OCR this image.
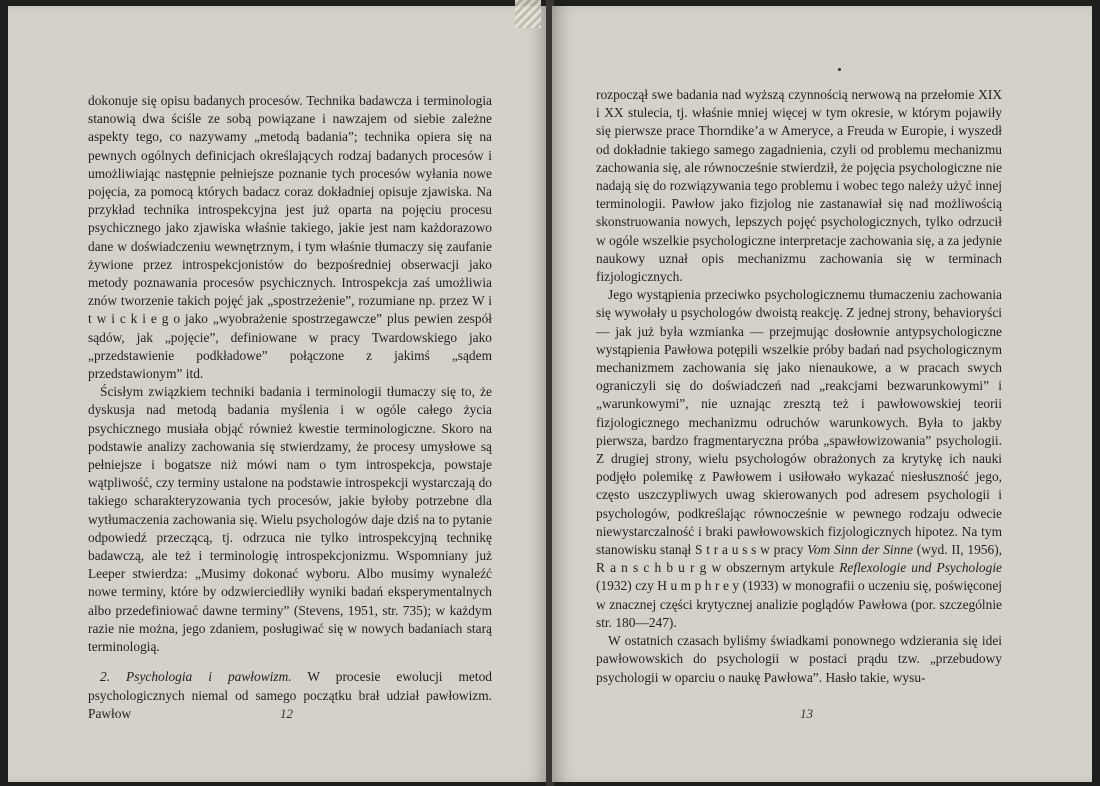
dokonuje się opisu badanych procesów. Technika badawcza i terminologia stanowią dwa ściśle ze sobą powiązane i nawzajem od siebie zależne aspekty tego, co nazywamy „metodą badania”; technika opiera się na pewnych ogólnych definicjach określających rodzaj badanych procesów i umożliwiając następnie pełniejsze poznanie tych procesów wyłania nowe pojęcia, za pomocą których badacz coraz dokładniej opisuje zjawiska. Na przykład technika introspekcyjna jest już oparta na pojęciu procesu psychicznego jako zjawiska właśnie takiego, jakie jest nam każdorazowo dane w doświadczeniu wewnętrznym, i tym właśnie tłumaczy się zaufanie żywione przez introspekcjonistów do bezpośredniej obserwacji jako metody poznawania procesów psychicznych. Introspekcja zaś umożliwia znów tworzenie takich pojęć jak „spostrzeżenie”, rozumiane np. przez W i t w i c k i e g o jako „wyobrażenie spostrzegawcze” plus pewien zespół sądów, jak „pojęcie”, definiowane w pracy Twardowskiego jako „przedstawienie podkładowe” połączone z jakimś „sądem przedstawionym” itd.

Ścisłym związkiem techniki badania i terminologii tłumaczy się to, że dyskusja nad metodą badania myślenia i w ogóle całego życia psychicznego musiała objąć również kwestie terminologiczne. Skoro na podstawie analizy zachowania się stwierdzamy, że procesy umysłowe są pełniejsze i bogatsze niż mówi nam o tym introspekcja, powstaje wątpliwość, czy terminy ustalone na podstawie introspekcji wystarczają do takiego scharakteryzowania tych procesów, jakie byłoby potrzebne dla wytłumaczenia zachowania się. Wielu psychologów daje dziś na to pytanie odpowiedź przeczącą, tj. odrzuca nie tylko introspekcyjną technikę badawczą, ale też i terminologię introspekcjonizmu. Wspomniany już Leeper stwierdza: „Musimy dokonać wyboru. Albo musimy wynaleźć nowe terminy, które by odzwierciedliły wyniki badań eksperymentalnych albo przedefiniować dawne terminy” (Stevens, 1951, str. 735); w każdym razie nie można, jego zdaniem, posługiwać się w nowych badaniach starą terminologią.

2. Psychologia i pawłowizm. W procesie ewolucji metod psychologicznych niemal od samego początku brał udział pawłowizm. Pawłow	12

rozpoczął swe badania nad wyższą czynnością nerwową na przełomie XIX i XX stulecia, tj. właśnie mniej więcej w tym okresie, w którym pojawiły się pierwsze prace Thorndike’a w Ameryce, a Freuda w Europie, i wyszedł od dokładnie takiego samego zagadnienia, czyli od problemu mechanizmu zachowania się, ale równocześnie stwierdził, że pojęcia psychologiczne nie nadają się do rozwiązywania tego problemu i wobec tego należy użyć innej terminologii. Pawłow jako fizjolog nie zastanawiał się nad możliwością skonstruowania nowych, lepszych pojęć psychologicznych, tylko odrzucił w ogóle wszelkie psychologiczne interpretacje zachowania się, a za jedynie naukowy uznał opis mechanizmu zachowania się w terminach fizjologicznych.

Jego wystąpienia przeciwko psychologicznemu tłumaczeniu zachowania się wywołały u psychologów dwoistą reakcję. Z jednej strony, behavioryści — jak już była wzmianka — przejmując dosłownie antypsychologiczne wystąpienia Pawłowa potępili wszelkie próby badań nad psychologicznym mechanizmem zachowania się jako nienaukowe, a w pracach swych ograniczyli się do doświadczeń nad „reakcjami bezwarunkowymi” i „warunkowymi”, nie uznając zresztą też i pawłowowskiej teorii fizjologicznego mechanizmu odruchów warunkowych. Była to jakby pierwsza, bardzo fragmentaryczna próba „spawłowizowania” psychologii. Z drugiej strony, wielu psychologów obrażonych za krytykę ich nauki podjęło polemikę z Pawłowem i usiłowało wykazać niesłuszność jego, często uszczypliwych uwag skierowanych pod adresem psychologii i psychologów, podkreślając równocześnie w pewnego rodzaju odwecie niewystarczalność i braki pawłowowskich fizjologicznych hipotez. Na tym stanowisku stanął S t r a u s s w pracy Vom Sinn der Sinne (wyd. II, 1956), R a n s c h b u r g w obszernym artykule Reflexologie und Psychologie (1932) czy H u m p h r e y (1933) w monografii o uczeniu się, poświęconej w znacznej części krytycznej analizie poglądów Pawłowa (por. szczególnie str. 180—247).

W ostatnich czasach byliśmy świadkami ponownego wdzierania się idei pawłowowskich do psychologii w postaci prądu tzw. „przebudowy psychologii w oparciu o naukę Pawłowa”. Hasło takie, wysu-

13
